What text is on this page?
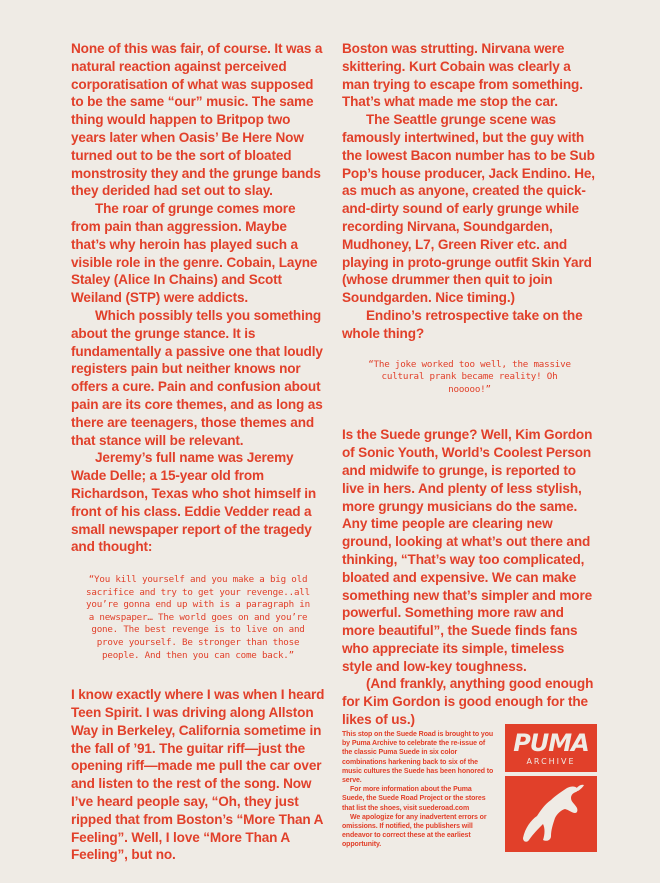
None of this was fair, of course. It was a natural reaction against perceived corporatisation of what was supposed to be the same “our” music. The same thing would happen to Britpop two years later when Oasis’ Be Here Now turned out to be the sort of bloated monstrosity they and the grunge bands they derided had set out to slay.

The roar of grunge comes more from pain than aggression. Maybe that’s why heroin has played such a visible role in the genre. Cobain, Layne Staley (Alice In Chains) and Scott Weiland (STP) were addicts.

Which possibly tells you something about the grunge stance. It is fundamentally a passive one that loudly registers pain but neither knows nor offers a cure. Pain and confusion about pain are its core themes, and as long as there are teenagers, those themes and that stance will be relevant.

Jeremy’s full name was Jeremy Wade Delle; a 15-year old from Richardson, Texas who shot himself in front of his class. Eddie Vedder read a small newspaper report of the tragedy and thought:

“You kill yourself and you make a big old sacrifice and try to get your revenge..all you’re gonna end up with is a paragraph in a newspaper… The world goes on and you’re gone. The best revenge is to live on and prove yourself. Be stronger than those people. And then you can come back.”

I know exactly where I was when I heard Teen Spirit. I was driving along Allston Way in Berkeley, California sometime in the fall of ’91. The guitar riff—just the opening riff—made me pull the car over and listen to the rest of the song. Now I’ve heard people say, “Oh, they just ripped that from Boston’s “More Than A Feeling”. Well, I love “More Than A Feeling”, but no.

Boston was strutting. Nirvana were skittering. Kurt Cobain was clearly a man trying to escape from something. That’s what made me stop the car.

The Seattle grunge scene was famously intertwined, but the guy with the lowest Bacon number has to be Sub Pop’s house producer, Jack Endino. He, as much as anyone, created the quick-and-dirty sound of early grunge while recording Nirvana, Soundgarden, Mudhoney, L7, Green River etc. and playing in proto-grunge outfit Skin Yard (whose drummer then quit to join Soundgarden. Nice timing.)

Endino’s retrospective take on the whole thing?

“The joke worked too well, the massive cultural prank became reality! Oh nooooo!”

Is the Suede grunge? Well, Kim Gordon of Sonic Youth, World’s Coolest Person and midwife to grunge, is reported to live in hers. And plenty of less stylish, more grungy musicians do the same. Any time people are clearing new ground, looking at what’s out there and thinking, “That’s way too complicated, bloated and expensive. We can make something new that’s simpler and more powerful. Something more raw and more beautiful”, the Suede finds fans who appreciate its simple, timeless style and low-key toughness.

(And frankly, anything good enough for Kim Gordon is good enough for the likes of us.)

This stop on the Suede Road is brought to you by Puma Archive to celebrate the re-issue of the classic Puma Suede in six color combinations harkening back to six of the music cultures the Suede has been honored to serve.

For more information about the Puma Suede, the Suede Road Project or the stores that list the shoes, visit suederoad.com

We apologize for any inadvertent errors or omissions. If notified, the publishers will endeavor to correct these at the earliest opportunity.

PUMA
ARCHIVE
